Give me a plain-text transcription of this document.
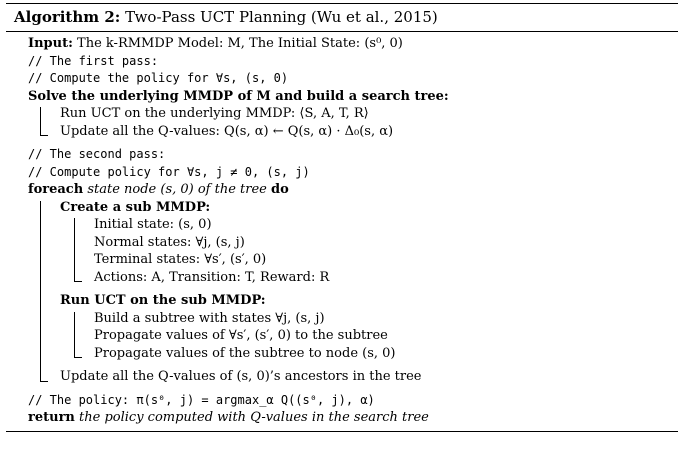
Algorithm 2: Two-Pass UCT Planning (Wu et al., 2015)
Input: The k-RMMDP Model: M, The Initial State: (s⁰, 0)
// The first pass:
// Compute the policy for ∀s, (s, 0)
Solve the underlying MMDP of M and build a search tree:
Run UCT on the underlying MMDP: ⟨S, A, T, R⟩
Update all the Q-values: Q(s, α) ← Q(s, α) · Δ₀(s, α)
// The second pass:
// Compute policy for ∀s, j ≠ 0, (s, j)
foreach state node (s, 0) of the tree do
Create a sub MMDP:
Initial state: (s, 0)
Normal states: ∀j, (s, j)
Terminal states: ∀s′, (s′, 0)
Actions: A, Transition: T, Reward: R
Run UCT on the sub MMDP:
Build a subtree with states ∀j, (s, j)
Propagate values of ∀s′, (s′, 0) to the subtree
Propagate values of the subtree to node (s, 0)
Update all the Q-values of (s, 0)’s ancestors in the tree
// The policy: π(s⁰, j) = argmax_α Q((s⁰, j), α)
return the policy computed with Q-values in the search tree
